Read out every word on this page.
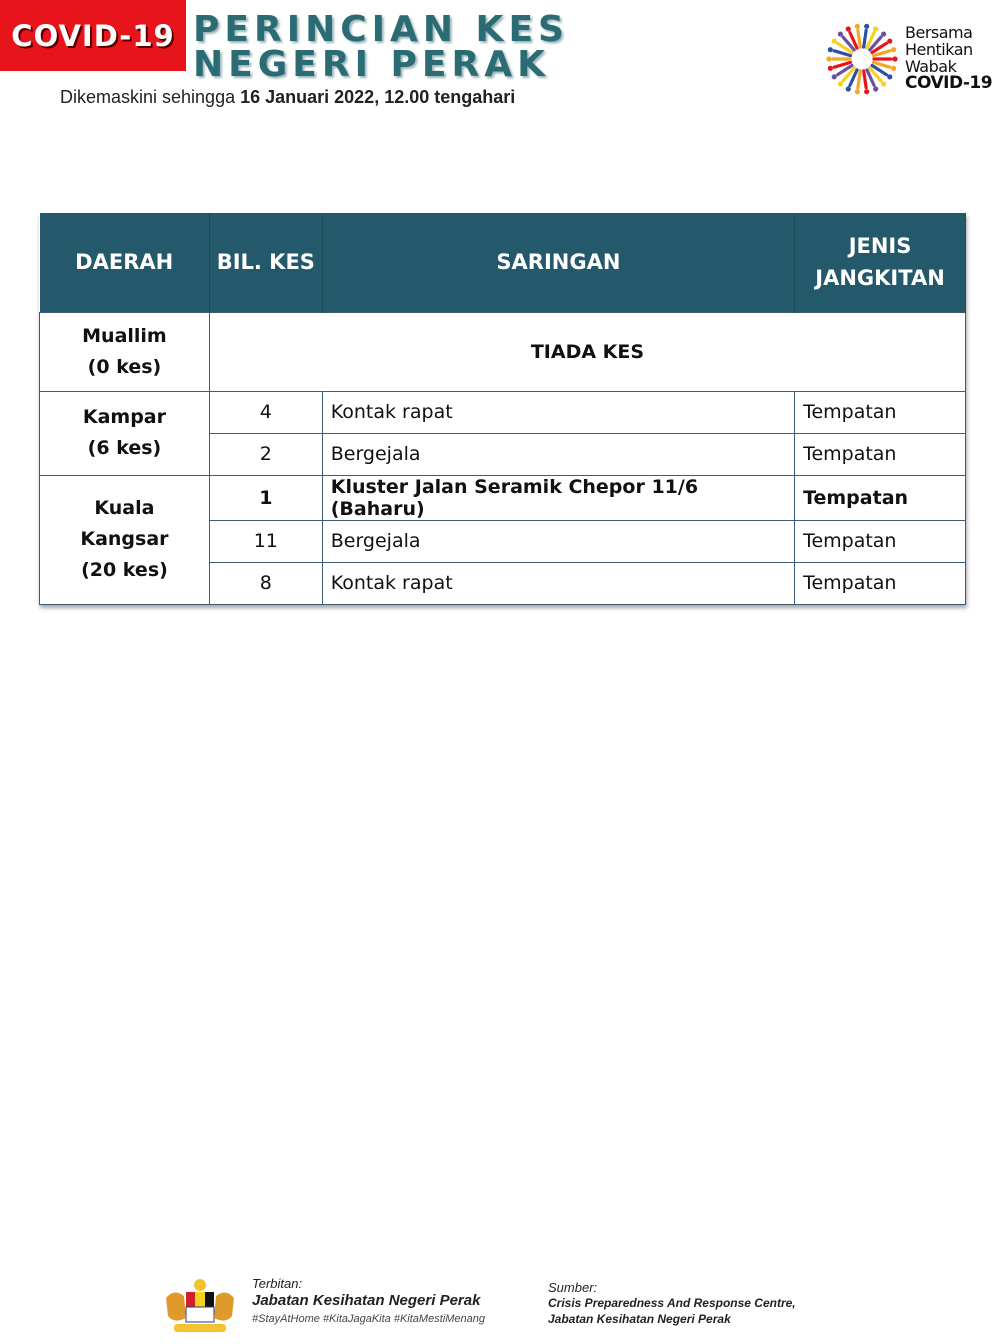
COVID-19 PERINCIAN KES
NEGERI PERAK
Dikemaskini sehingga 16 Januari 2022, 12.00 tengahari
Bersama
Hentikan
Wabak
COVID-19
DAERAH	BIL. KES	SARINGAN	JENIS
JANGKITAN
Muallim
(0 kes)	TIADA KES		
Kampar
(6 kes)	4	Kontak rapat	Tempatan
	2	Bergejala	Tempatan
Kuala Kangsar
(20 kes)	1	Kluster Jalan Seramik Chepor 11/6 (Baharu)	Tempatan
	11	Bergejala	Tempatan
	8	Kontak rapat	Tempatan
Terbitan:
Jabatan Kesihatan Negeri Perak
#StayAtHome #KitaJagaKita #KitaMestiMenang
Sumber:
Crisis Preparedness And Response Centre,
Jabatan Kesihatan Negeri Perak
